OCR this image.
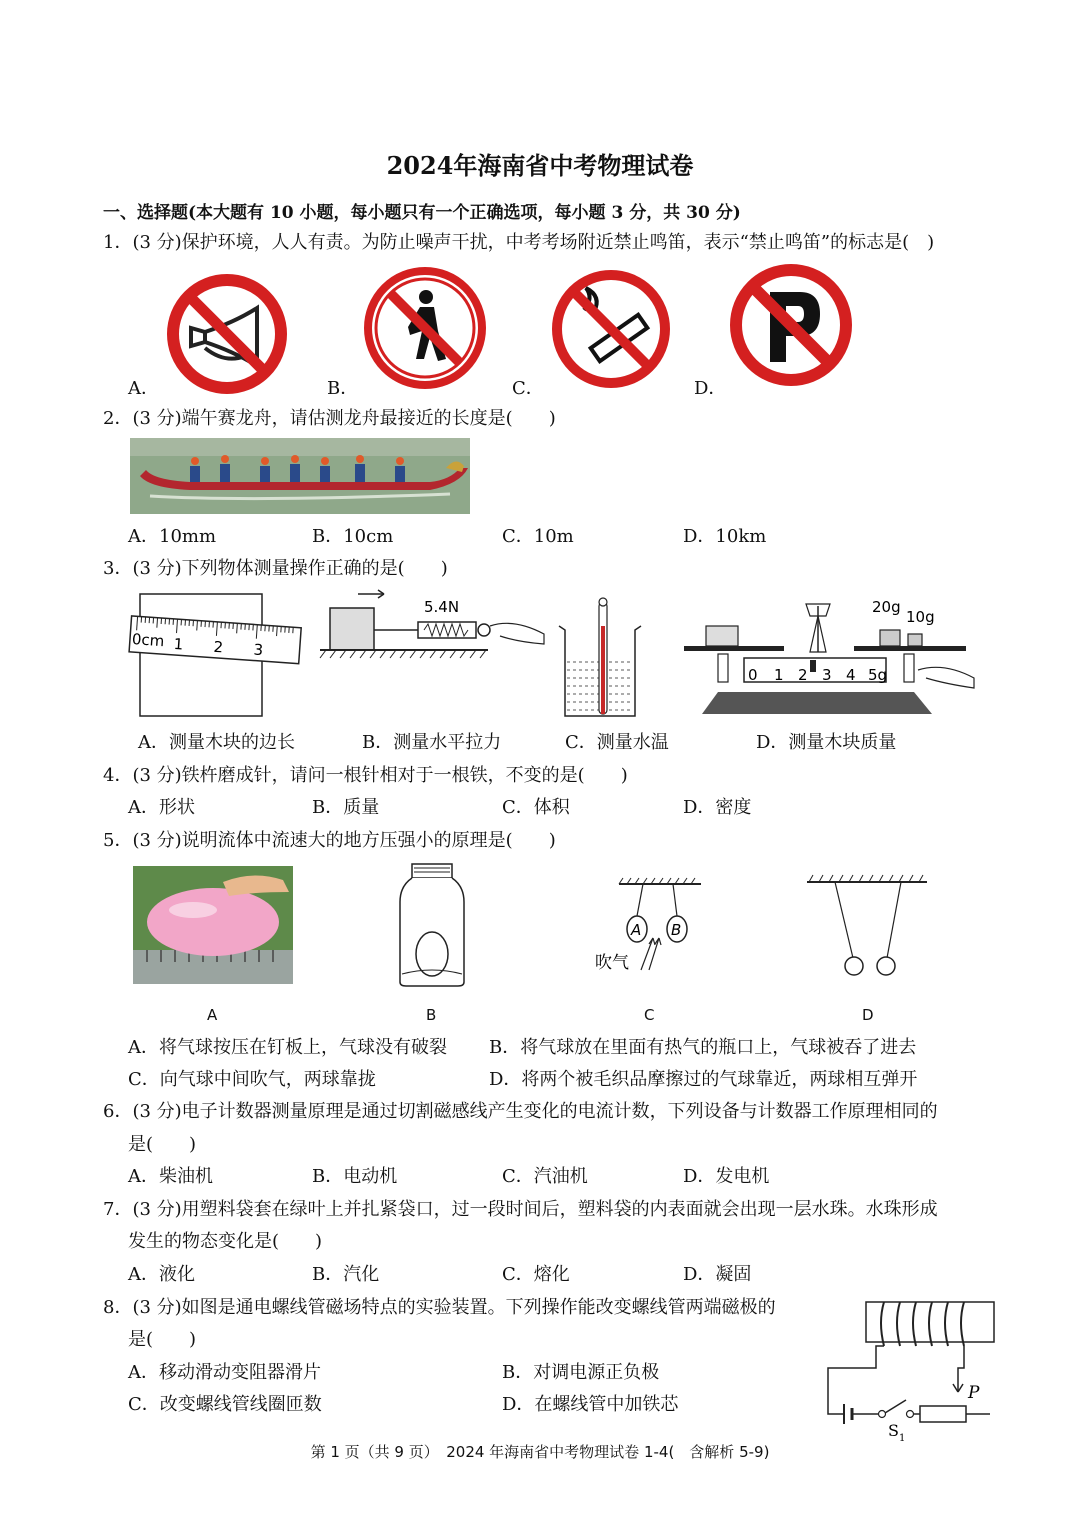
2024年海南省中考物理试卷
一、选择题(本大题有 10 小题，每小题只有一个正确选项，每小题 3 分，共 30 分)
1．(3 分)保护环境，人人有责。为防止噪声干扰，中考考场附近禁止鸣笛，表示“禁止鸣笛”的标志是(　)
A．	B．	C．	D．
2．(3 分)端午赛龙舟，请估测龙舟最接近的长度是(　　)
A．10mm	B．10cm	C．10m	D．10km
3．(3 分)下列物体测量操作正确的是(　　)
0cm 1 2 3
5.4N	20g
10g
0 1 2 3 4 5g
A．测量木块的边长	B．测量水平拉力	C．测量水温	D．测量木块质量
4．(3 分)铁杵磨成针，请问一根针相对于一根铁，不变的是(　　)
A．形状	B．质量	C．体积	D．密度
5．(3 分)说明流体中流速大的地方压强小的原理是(　　)
A B
吹气
A	B	C	D
A．将气球按压在钉板上，气球没有破裂 B．将气球放在里面有热气的瓶口上，气球被吞了进去
C．向气球中间吹气，两球靠拢	D．将两个被毛织品摩擦过的气球靠近，两球相互弹开
6．(3 分)电子计数器测量原理是通过切割磁感线产生变化的电流计数，下列设备与计数器工作原理相同的
是(　　)
A．柴油机	B．电动机	C．汽油机	D．发电机
7．(3 分)用塑料袋套在绿叶上并扎紧袋口，过一段时间后，塑料袋的内表面就会出现一层水珠。水珠形成
发生的物态变化是(　　)
A．液化	B．汽化	C．熔化	D．凝固
8．(3 分)如图是通电螺线管磁场特点的实验装置。下列操作能改变螺线管两端磁极的
是(　　)
A．移动滑动变阻器滑片	B．对调电源正负极
C．改变螺线管线圈匝数	D．在螺线管中加铁芯
P
S 1
第 1 页（共 9 页）　2024 年海南省中考物理试卷 1-4(　含解析 5-9)
